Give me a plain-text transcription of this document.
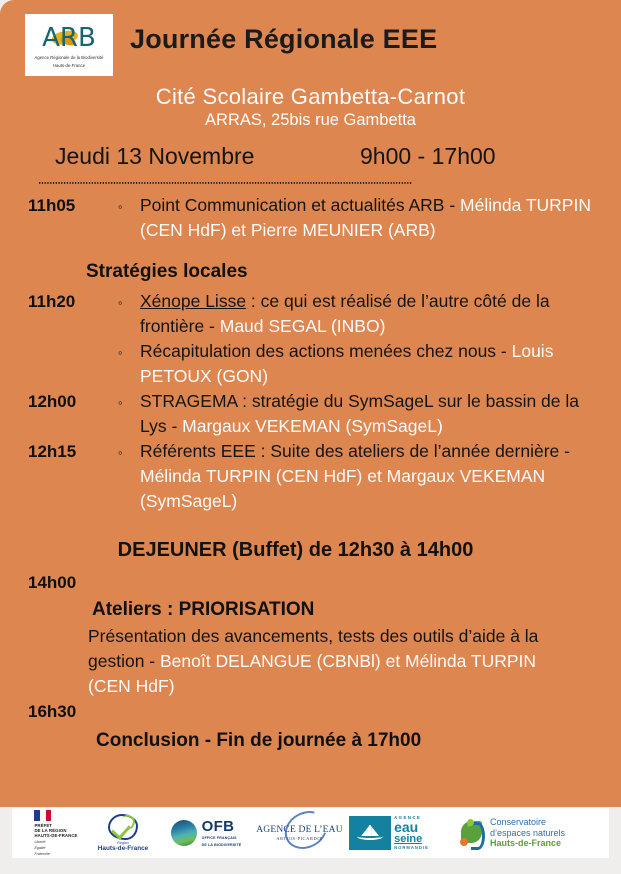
ARB
Agence Régionale de la Biodiversité
Hauts-de-France
Journée Régionale EEE
Cité Scolaire Gambetta-Carnot
ARRAS, 25bis rue Gambetta
Jeudi 13 Novembre	9h00 - 17h00
'''''''''''''''''''''''''''''''''''''''''''''''''''''''''''''''''''''''''''''''''''''''''''''''''''''''''''''''''''''''''''''''''''''''
11h05	◦ Point Communication et actualités ARB - Mélinda TURPIN (CEN HdF) et Pierre MEUNIER (ARB)
Stratégies locales
11h20	◦ Xénope Lisse : ce qui est réalisé de l’autre côté de la frontière - Maud SEGAL (INBO)
◦ Récapitulation des actions menées chez nous - Louis PETOUX (GON)
12h00	◦ STRAGEMA : stratégie du SymSageL sur le bassin de la Lys - Margaux VEKEMAN (SymSageL)
12h15	◦ Référents EEE : Suite des ateliers de l’année dernière - Mélinda TURPIN (CEN HdF) et Margaux VEKEMAN (SymSageL)
DEJEUNER (Buffet) de 12h30 à 14h00
14h00
Ateliers : PRIORISATION
Présentation des avancements, tests des outils d’aide à la gestion - Benoît DELANGUE (CBNBl) et Mélinda TURPIN (CEN HdF)
16h30
Conclusion - Fin de journée à 17h00
PRÉFET
DE LA RÉGION
HAUTS-DE-FRANCE
Liberté
Égalité
Fraternité
Région
Hauts-de-France
OFB
OFFICE FRANÇAIS
DE LA BIODIVERSITÉ
AGENCE DE L’EAU
ARTOIS-PICARDIE
AGENCE
eau
seine
NORMANDIE
Conservatoire
d’espaces naturels
Hauts-de-France
